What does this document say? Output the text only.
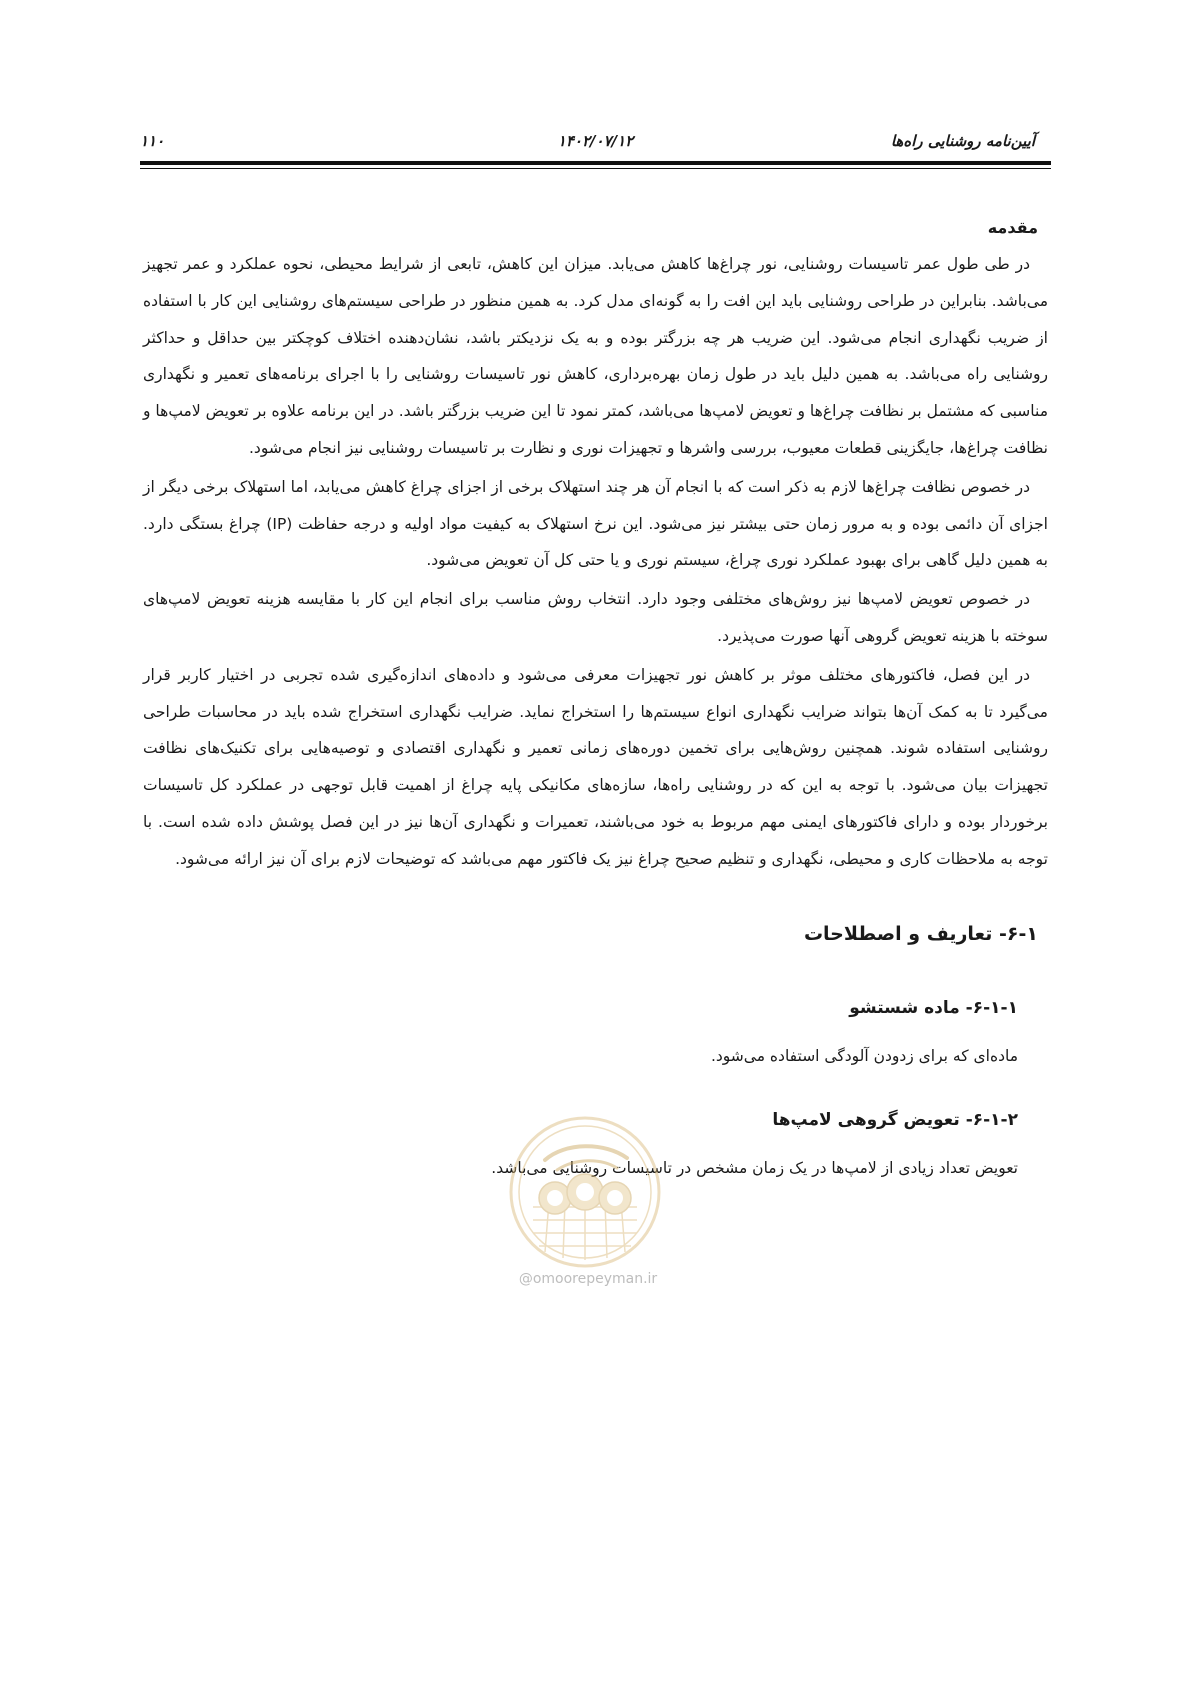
آیین‌نامه روشنایی راه‌ها
۱۴۰۲/۰۷/۱۲
۱۱۰
مقدمه

در طی طول عمر تاسیسات روشنایی، نور چراغ‌ها کاهش می‌یابد. میزان این کاهش، تابعی از شرایط محیطی، نحوه عملکرد و عمر تجهیز می‌باشد. بنابراین در طراحی روشنایی باید این افت را به گونه‌ای مدل کرد. به همین منظور در طراحی سیستم‌های روشنایی این کار با استفاده از ضریب نگهداری انجام می‌شود. این ضریب هر چه بزرگتر بوده و به یک نزدیکتر باشد، نشان‌دهنده اختلاف کوچکتر بین حداقل و حداکثر روشنایی راه می‌باشد. به همین دلیل باید در طول زمان بهره‌برداری، کاهش نور تاسیسات روشنایی را با اجرای برنامه‌های تعمیر و نگهداری مناسبی که مشتمل بر نظافت چراغ‌ها و تعویض لامپ‌ها می‌باشد، کمتر نمود تا این ضریب بزرگتر باشد. در این برنامه علاوه بر تعویض لامپ‌ها و نظافت چراغ‌ها، جایگزینی قطعات معیوب، بررسی واشرها و تجهیزات نوری و نظارت بر تاسیسات روشنایی نیز انجام می‌شود.

در خصوص نظافت چراغ‌ها لازم به ذکر است که با انجام آن هر چند استهلاک برخی از اجزای چراغ کاهش می‌یابد، اما استهلاک برخی دیگر از اجزای آن دائمی بوده و به مرور زمان حتی بیشتر نیز می‌شود. این نرخ استهلاک به کیفیت مواد اولیه و درجه حفاظت (IP) چراغ بستگی دارد. به همین دلیل گاهی برای بهبود عملکرد نوری چراغ، سیستم نوری و یا حتی کل آن تعویض می‌شود.

در خصوص تعویض لامپ‌ها نیز روش‌های مختلفی وجود دارد. انتخاب روش مناسب برای انجام این کار با مقایسه هزینه تعویض لامپ‌های سوخته با هزینه تعویض گروهی آنها صورت می‌پذیرد.

در این فصل، فاکتورهای مختلف موثر بر کاهش نور تجهیزات معرفی می‌شود و داده‌های اندازه‌گیری شده تجربی در اختیار کاربر قرار می‌گیرد تا به کمک آن‌ها بتواند ضرایب نگهداری انواع سیستم‌ها را استخراج نماید. ضرایب نگهداری استخراج شده باید در محاسبات طراحی روشنایی استفاده شوند. همچنین روش‌هایی برای تخمین دوره‌های زمانی تعمیر و نگهداری اقتصادی و توصیه‌هایی برای تکنیک‌های نظافت تجهیزات بیان می‌شود. با توجه به این که در روشنایی راه‌ها، سازه‌های مکانیکی پایه چراغ از اهمیت قابل توجهی در عملکرد کل تاسیسات برخوردار بوده و دارای فاکتورهای ایمنی مهم مربوط به خود می‌باشند، تعمیرات و نگهداری آن‌ها نیز در این فصل پوشش داده شده است. با توجه به ملاحظات کاری و محیطی، نگهداری و تنظیم صحیح چراغ نیز یک فاکتور مهم می‌باشد که توضیحات لازم برای آن نیز ارائه می‌شود.

۶-۱- تعاریف و اصطلاحات
۶-۱-۱- ماده شستشو

ماده‌ای که برای زدودن آلودگی استفاده می‌شود.

۶-۱-۲- تعویض گروهی لامپ‌ها

تعویض تعداد زیادی از لامپ‌ها در یک زمان مشخص در تاسیسات روشنایی می‌باشد.

@omoorepeyman.ir
